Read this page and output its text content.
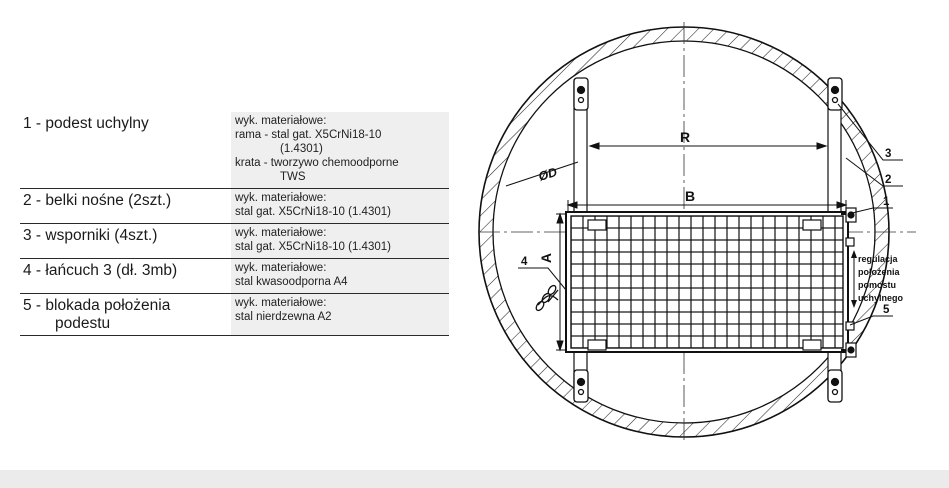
1 - podest uchylny	wyk. materiałowe:
rama - stal gat. X5CrNi18-10
(1.4301)
krata - tworzywo chemoodporne
TWS

2 - belki nośne (2szt.)	wyk. materiałowe:
stal gat. X5CrNi18-10 (1.4301)

3 - wsporniki (4szt.)	wyk. materiałowe:
stal gat. X5CrNi18-10 (1.4301)

4 - łańcuch 3 (dł. 3mb)	wyk. materiałowe:
stal kwasoodporna A4

5 - blokada położenia
podestu	wyk. materiałowe:
stal nierdzewna A2
R
B
A
ØD
1
2
3
4
5
regulacja
położenia
pomostu
uchylnego
